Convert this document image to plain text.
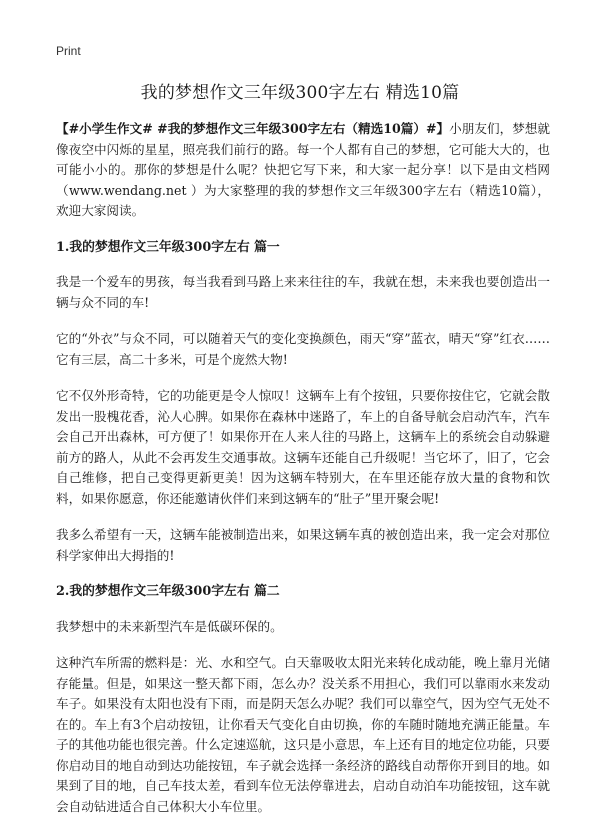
Print
我的梦想作文三年级300字左右 精选10篇

【#小学生作文# #我的梦想作文三年级300字左右（精选10篇）#】小朋友们，梦想就像夜空中闪烁的星星，照亮我们前行的路。每一个人都有自己的梦想，它可能大大的，也可能小小的。那你的梦想是什么呢？快把它写下来，和大家一起分享！以下是由文档网（www.wendang.net ）为大家整理的我的梦想作文三年级300字左右（精选10篇），欢迎大家阅读。

1.我的梦想作文三年级300字左右 篇一

我是一个爱车的男孩，每当我看到马路上来来往往的车，我就在想，未来我也要创造出一辆与众不同的车!

它的“外衣”与众不同，可以随着天气的变化变换颜色，雨天“穿”蓝衣，晴天“穿”红衣……它有三层，高二十多米，可是个庞然大物!

它不仅外形奇特，它的功能更是令人惊叹！这辆车上有个按钮，只要你按住它，它就会散发出一股槐花香，沁人心脾。如果你在森林中迷路了，车上的自备导航会启动汽车，汽车会自己开出森林，可方便了！如果你开在人来人往的马路上，这辆车上的系统会自动躲避前方的路人，从此不会再发生交通事故。这辆车还能自己升级呢！当它坏了，旧了，它会自己维修，把自己变得更新更美！因为这辆车特别大，在车里还能存放大量的食物和饮料，如果你愿意，你还能邀请伙伴们来到这辆车的“肚子”里开聚会呢!

我多么希望有一天，这辆车能被制造出来，如果这辆车真的被创造出来，我一定会对那位科学家伸出大拇指的!

2.我的梦想作文三年级300字左右 篇二

我梦想中的未来新型汽车是低碳环保的。

这种汽车所需的燃料是：光、水和空气。白天靠吸收太阳光来转化成动能，晚上靠月光储存能量。但是，如果这一整天都下雨，怎么办？没关系不用担心，我们可以靠雨水来发动车子。如果没有太阳也没有下雨，而是阴天怎么办呢？我们可以靠空气，因为空气无处不在的。车上有3个启动按钮，让你看天气变化自由切换，你的车随时随地充满正能量。车子的其他功能也很完善。什么定速巡航，这只是小意思，车上还有目的地定位功能，只要你启动目的地自动到达功能按钮，车子就会选择一条经济的路线自动帮你开到目的地。如果到了目的地，自己车技太差，看到车位无法停靠进去，启动自动泊车功能按钮，这车就会自动钻进适合自己体积大小车位里。
